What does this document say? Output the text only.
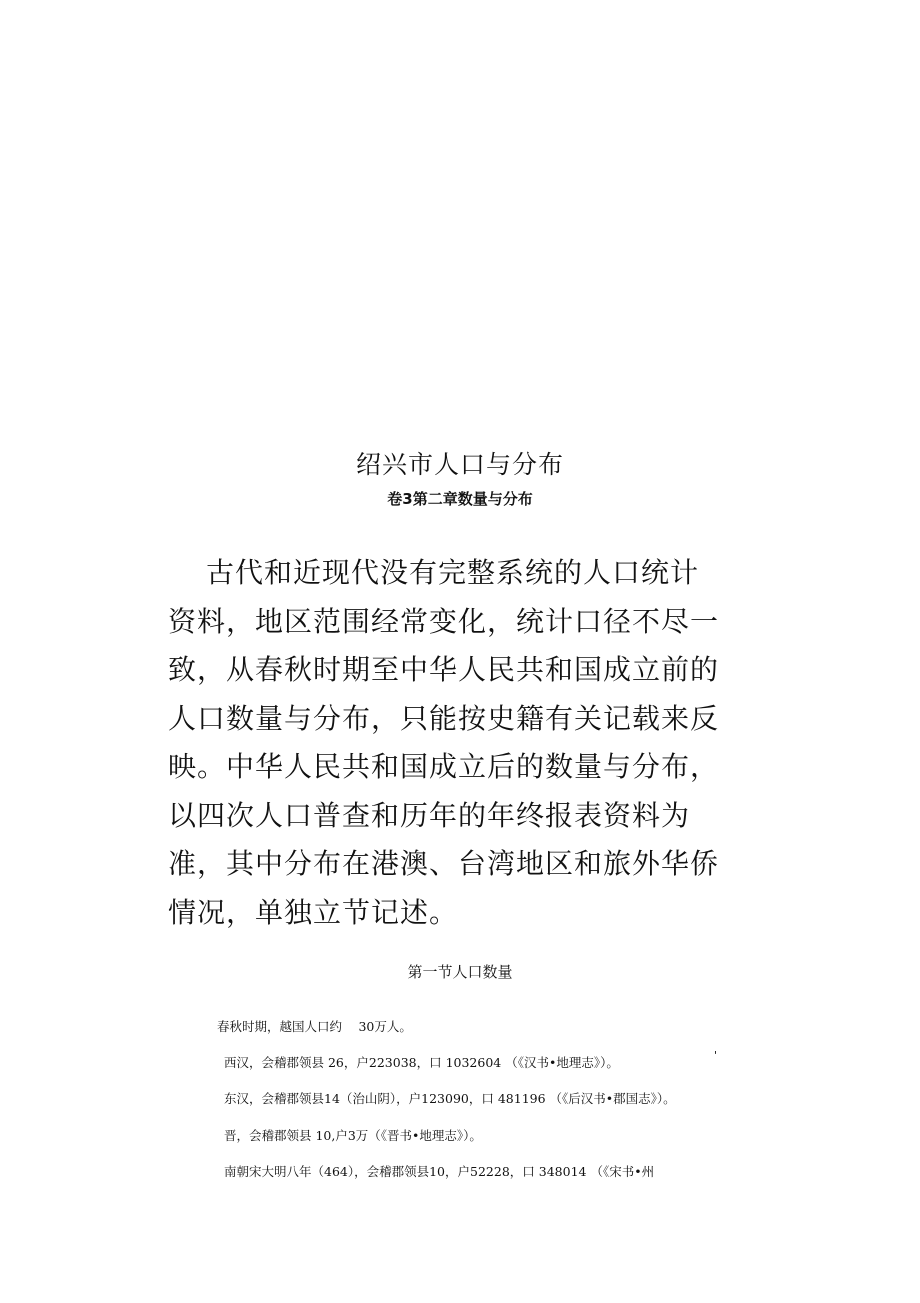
绍兴市人口与分布
卷3第二章数量与分布
古代和近现代没有完整系统的人口统计
资料，地区范围经常变化，统计口径不尽一
致，从春秋时期至中华人民共和国成立前的
人口数量与分布，只能按史籍有关记载来反
映。中华人民共和国成立后的数量与分布，
以四次人口普查和历年的年终报表资料为
准，其中分布在港澳、台湾地区和旅外华侨
情况，单独立节记述。
第一节人口数量
春秋时期，越国人口约　 30万人。
西汉，会稽郡领县 26，户223038，口 1032604 （《汉书•地理志》）。
东汉，会稽郡领县14（治山阴），户123090，口 481196 （《后汉书•郡国志》）。
晋，会稽郡领县 10,户3万（《晋书•地理志》）。
南朝宋大明八年（464），会稽郡领县10，户52228，口 348014 （《宋书•州
'
